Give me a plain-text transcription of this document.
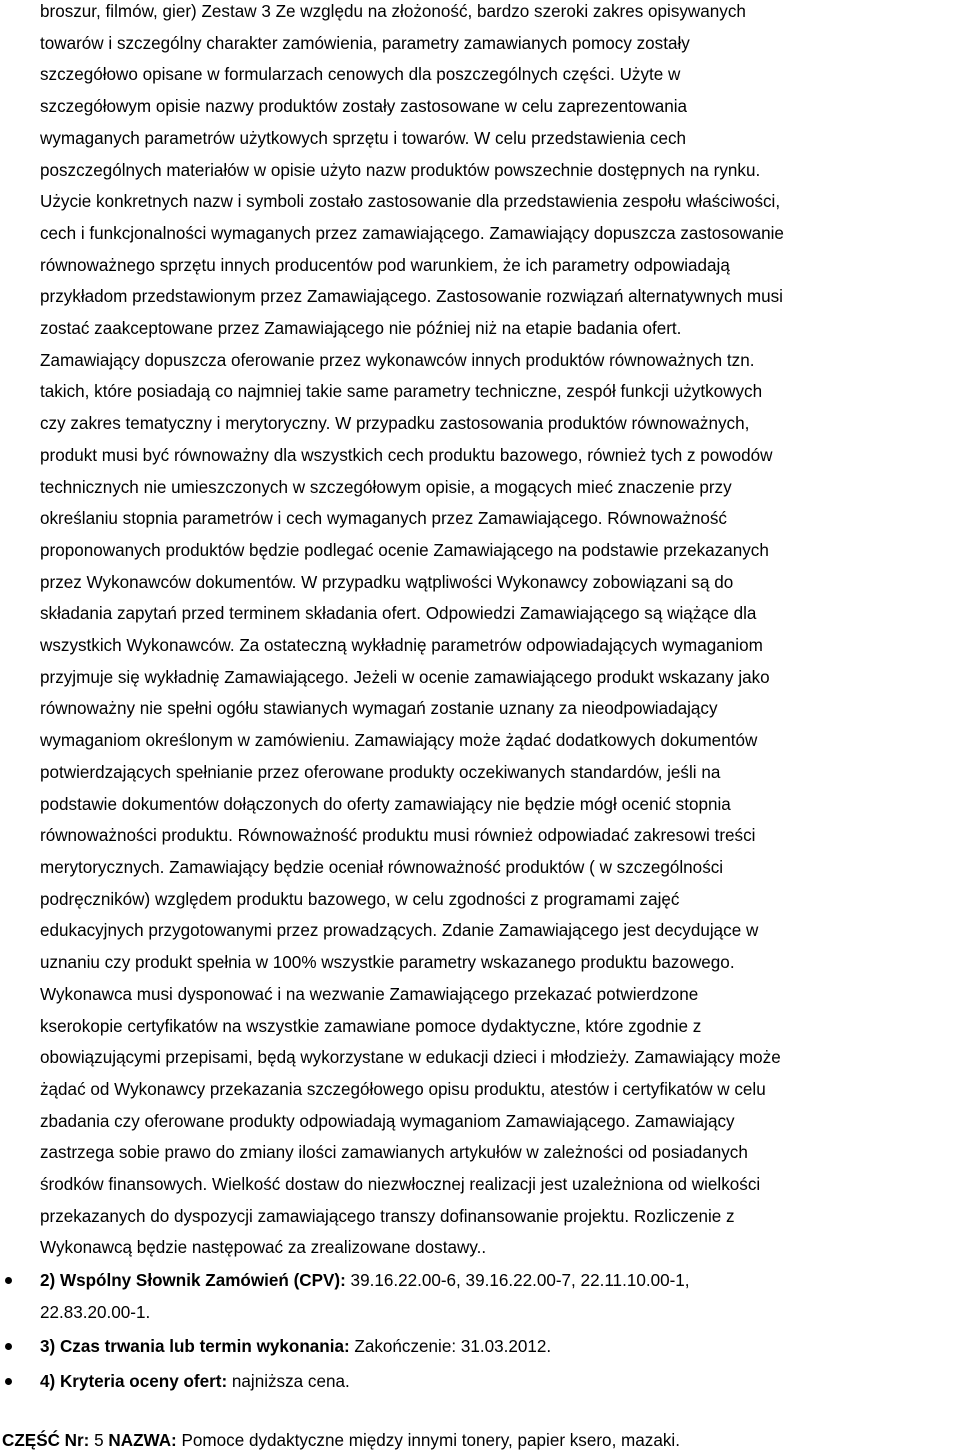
broszur, filmów, gier) Zestaw 3 Ze względu na złożoność, bardzo szeroki zakres opisywanych
towarów i szczególny charakter zamówienia, parametry zamawianych pomocy zostały
szczegółowo opisane w formularzach cenowych dla poszczególnych części. Użyte w
szczegółowym opisie nazwy produktów zostały zastosowane w celu zaprezentowania
wymaganych parametrów użytkowych sprzętu i towarów. W celu przedstawienia cech
poszczególnych materiałów w opisie użyto nazw produktów powszechnie dostępnych na rynku.
Użycie konkretnych nazw i symboli zostało zastosowanie dla przedstawienia zespołu właściwości,
cech i funkcjonalności wymaganych przez zamawiającego. Zamawiający dopuszcza zastosowanie
równoważnego sprzętu innych producentów pod warunkiem, że ich parametry odpowiadają
przykładom przedstawionym przez Zamawiającego. Zastosowanie rozwiązań alternatywnych musi
zostać zaakceptowane przez Zamawiającego nie później niż na etapie badania ofert.
Zamawiający dopuszcza oferowanie przez wykonawców innych produktów równoważnych tzn.
takich, które posiadają co najmniej takie same parametry techniczne, zespół funkcji użytkowych
czy zakres tematyczny i merytoryczny. W przypadku zastosowania produktów równoważnych,
produkt musi być równoważny dla wszystkich cech produktu bazowego, również tych z powodów
technicznych nie umieszczonych w szczegółowym opisie, a mogących mieć znaczenie przy
określaniu stopnia parametrów i cech wymaganych przez Zamawiającego. Równoważność
proponowanych produktów będzie podlegać ocenie Zamawiającego na podstawie przekazanych
przez Wykonawców dokumentów. W przypadku wątpliwości Wykonawcy zobowiązani są do
składania zapytań przed terminem składania ofert. Odpowiedzi Zamawiającego są wiążące dla
wszystkich Wykonawców. Za ostateczną wykładnię parametrów odpowiadających wymaganiom
przyjmuje się wykładnię Zamawiającego. Jeżeli w ocenie zamawiającego produkt wskazany jako
równoważny nie spełni ogółu stawianych wymagań zostanie uznany za nieodpowiadający
wymaganiom określonym w zamówieniu. Zamawiający może żądać dodatkowych dokumentów
potwierdzających spełnianie przez oferowane produkty oczekiwanych standardów, jeśli na
podstawie dokumentów dołączonych do oferty zamawiający nie będzie mógł ocenić stopnia
równoważności produktu. Równoważność produktu musi również odpowiadać zakresowi treści
merytorycznych. Zamawiający będzie oceniał równoważność produktów ( w szczególności
podręczników) względem produktu bazowego, w celu zgodności z programami zajęć
edukacyjnych przygotowanymi przez prowadzących. Zdanie Zamawiającego jest decydujące w
uznaniu czy produkt spełnia w 100% wszystkie parametry wskazanego produktu bazowego.
Wykonawca musi dysponować i na wezwanie Zamawiającego przekazać potwierdzone
kserokopie certyfikatów na wszystkie zamawiane pomoce dydaktyczne, które zgodnie z
obowiązującymi przepisami, będą wykorzystane w edukacji dzieci i młodzieży. Zamawiający może
żądać od Wykonawcy przekazania szczegółowego opisu produktu, atestów i certyfikatów w celu
zbadania czy oferowane produkty odpowiadają wymaganiom Zamawiającego. Zamawiający
zastrzega sobie prawo do zmiany ilości zamawianych artykułów w zależności od posiadanych
środków finansowych. Wielkość dostaw do niezwłocznej realizacji jest uzależniona od wielkości
przekazanych do dyspozycji zamawiającego transzy dofinansowanie projektu. Rozliczenie z
Wykonawcą będzie następować za zrealizowane dostawy..
2) Wspólny Słownik Zamówień (CPV): 39.16.22.00-6, 39.16.22.00-7, 22.11.10.00-1,
22.83.20.00-1.
3) Czas trwania lub termin wykonania: Zakończenie: 31.03.2012.
4) Kryteria oceny ofert: najniższa cena.

CZĘŚĆ Nr: 5 NAZWA: Pomoce dydaktyczne między innymi tonery, papier ksero, mazaki.
